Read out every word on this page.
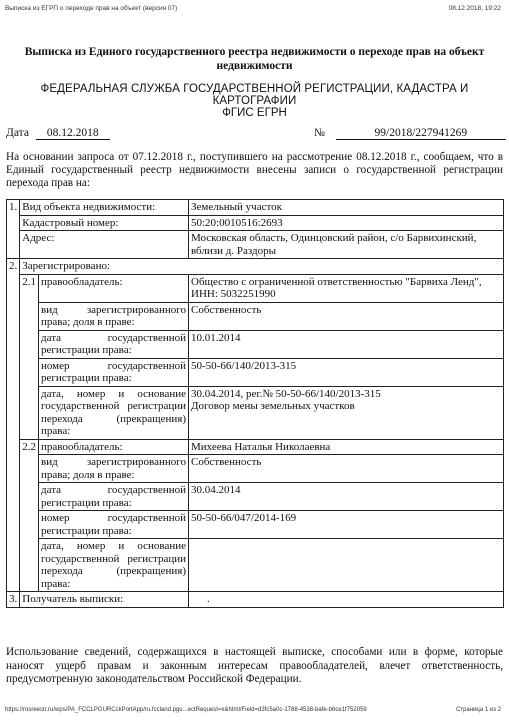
Выписка из ЕГРП о переходе прав на объект (версия 07)	08.12.2018, 19:22
Выписка из Единого государственного реестра недвижимости о переходе прав на объект недвижимости
ФЕДЕРАЛЬНАЯ СЛУЖБА ГОСУДАРСТВЕННОЙ РЕГИСТРАЦИИ, КАДАСТРА И КАРТОГРАФИИ
ФГИС ЕГРН
Дата 08.12.2018	№	99/2018/227941269
На основании запроса от 07.12.2018 г., поступившего на рассмотрение 08.12.2018 г., сообщаем, что в Единый государственный реестр недвижимости внесены записи о государственной регистрации перехода прав на:
1.	Вид объекта недвижимости:		Земельный участок
	Кадастровый номер:		50:20:0010516:2693
	Адрес:		Московская область, Одинцовский район, с/о Барвихинский, вблизи д. Раздоры
2.	Зарегистрировано:		
	2.1	правообладатель:	Общество с ограниченной ответственностью "Барвиха Ленд", ИНН: 5032251990
		вид зарегистрированного права; доля в праве:	Собственность
		дата государственной регистрации права:	10.01.2014
		номер государственной регистрации права:	50-50-66/140/2013-315
		дата, номер и основание государственной регистрации перехода (прекращения) права:	30.04.2014, рег.№ 50-50-66/140/2013-315
Договор мены земельных участков

	2.2	правообладатель:	Михеева Наталья Николаевна
		вид зарегистрированного права; доля в праве:	Собственность
		дата государственной регистрации права:	30.04.2014
		номер государственной регистрации права:	50-50-66/047/2014-169
		дата, номер и основание государственной регистрации перехода (прекращения) права:	

3.	Получатель выписки:		.
Использование сведений, содержащихся в настоящей выписке, способами или в форме, которые наносят ущерб правам и законным интересам правообладателей, влечет ответственность, предусмотренную законодательством Российской Федерации.
https://rosreestr.ru/wps/PA_FCCLPGURCckPortApp/ru.fccland.pgu...ectRequest=x&html/Field=d3fc5a0c-1788-4538-bafe-b6ce1f752059	Страница 1 из 2
